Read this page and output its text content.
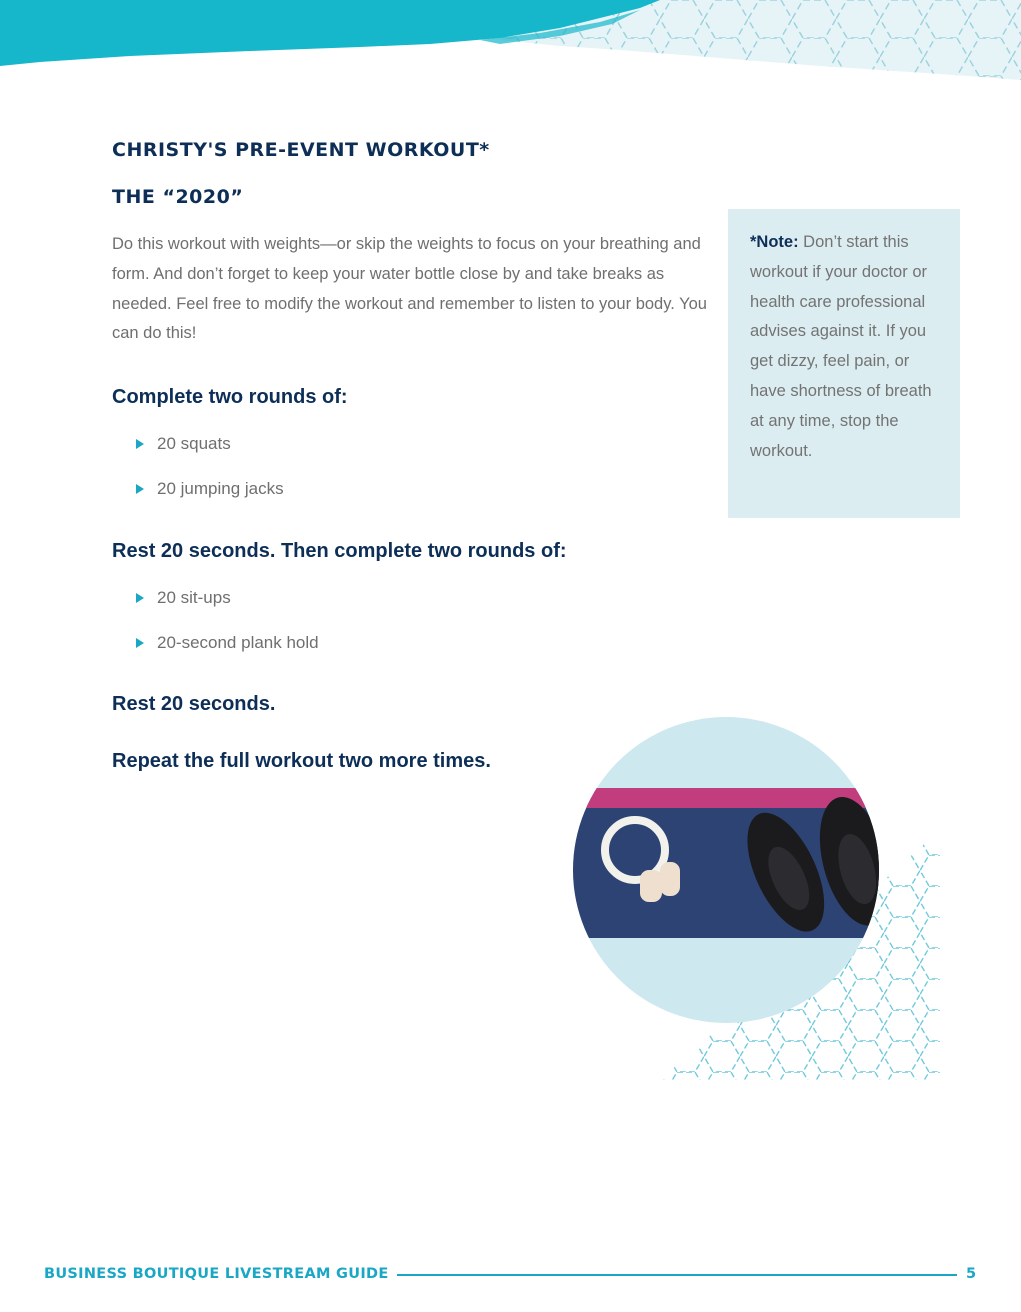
CHRISTY'S PRE-EVENT WORKOUT*
THE “2020”

Do this workout with weights—or skip the weights to focus on your breathing and form. And don’t forget to keep your water bottle close by and take breaks as needed. Feel free to modify the workout and remember to listen to your body. You can do this!

Complete two rounds of:
20 squats
20 jumping jacks
Rest 20 seconds. Then complete two rounds of:
20 sit-ups
20-second plank hold
Rest 20 seconds.
Repeat the full workout two more times.

*Note: Don’t start this workout if your doctor or health care professional advises against it. If you get dizzy, feel pain, or have shortness of breath at any time, stop the workout.

BUSINESS BOUTIQUE LIVESTREAM GUIDE	5
